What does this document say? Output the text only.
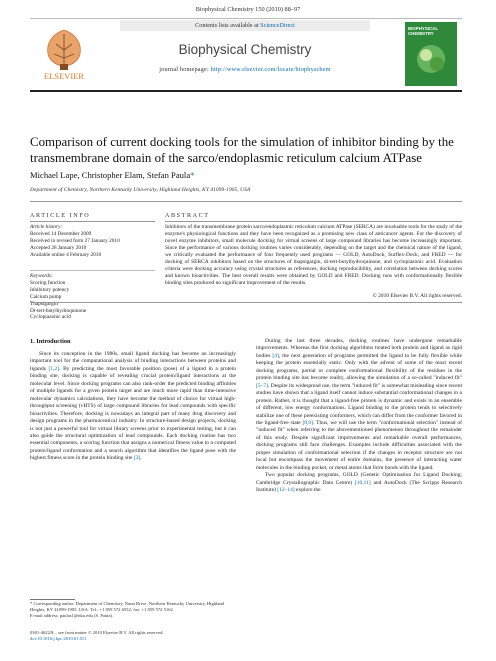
Biophysical Chemistry 150 (2010) 88–97
ELSEVIER
Contents lists available at ScienceDirect
Biophysical Chemistry
journal homepage: http://www.elsevier.com/locate/biophyschem
BIOPHYSICAL CHEMISTRY
Comparison of current docking tools for the simulation of inhibitor binding by the transmembrane domain of the sarco/endoplasmic reticulum calcium ATPase
Michael Lape, Christopher Elam, Stefan Paula*
Department of Chemistry, Northern Kentucky University, Highland Heights, KY 41099-1905, USA
ARTICLE INFO	ABSTRACT
Article history:
Received 14 December 2009
Received in revised form 27 January 2010
Accepted 28 January 2010
Available online 4 February 2010
Keywords:
Scoring function
Inhibitory potency
Calcium pump
Thapsigargin
Di-tert-butylhydroquinone
Cyclopiazonic acid
Inhibitors of the transmembrane protein sarco/endoplasmic reticulum calcium ATPase (SERCA) are invaluable tools for the study of the enzyme's physiological functions and they have been recognized as a promising new class of anticancer agents. For the discovery of novel enzyme inhibitors, small molecule docking for virtual screens of large compound libraries has become increasingly important. Since the performance of various docking routines varies considerably, depending on the target and the chemical nature of the ligand, we critically evaluated the performance of four frequently used programs — GOLD, AutoDock, Surflex-Dock, and FRED — for docking of SERCA inhibitors based on the structures of thapsigargin, di-tert-butylhydroquinone, and cyclopiazonic acid. Evaluation criteria were docking accuracy using crystal structures as references, docking reproducibility, and correlation between docking scores and known bioactivities. The best overall results were obtained by GOLD and FRED. Docking runs with conformationally flexible binding sites produced no significant improvement of the results.
© 2010 Elsevier B.V. All rights reserved.
1. Introduction

Since its conception in the 1980s, small ligand docking has become an increasingly important tool for the computational analysis of binding interactions between proteins and ligands [1,2]. By predicting the most favorable position (pose) of a ligand in a protein binding site, docking is capable of revealing crucial protein/ligand interactions at the molecular level. Since docking programs can also rank-order the predicted binding affinities of multiple ligands for a given protein target and are much more rapid than time-intensive molecular dynamics calculations, they have become the method of choice for virtual high-throughput screening (vHTS) of large compound libraries for lead compounds with specific bioactivities. Therefore, docking is nowadays an integral part of many drug discovery and design programs in the pharmaceutical industry. In structure-based design projects, docking is not just a powerful tool for virtual library screens prior to experimental testing, but it can also guide the structural optimization of lead compounds. Each docking routine has two essential components, a scoring function that assigns a numerical fitness value to a computed protein/ligand conformation and a search algorithm that identifies the ligand pose with the highest fitness score in the protein binding site [3].

During the last three decades, docking routines have undergone remarkable improvements. Whereas the first docking algorithms treated both protein and ligand as rigid bodies [4], the next generation of programs permitted the ligand to be fully flexible while keeping the protein essentially static. Only with the advent of some of the most recent docking programs, partial or complete conformational flexibility of the residues in the protein binding site has become reality, allowing the simulation of a so-called "induced fit" [5–7]. Despite its widespread use, the term "induced fit" is somewhat misleading since recent studies have shown that a ligand itself cannot induce substantial conformational changes in a protein. Rather, it is thought that a ligand-free protein is dynamic and exists in an ensemble of different, low energy conformations. Ligand binding to the protein tends to selectively stabilize one of these preexisting conformers, which can differ from the conformer favored in the ligand-free state [8,9]. Thus, we will use the term "conformational selection" instead of "induced fit" when referring to the abovementioned phenomenon throughout the remainder of this study. Despite significant improvements and remarkable overall performances, docking programs still face challenges. Examples include difficulties associated with the proper simulation of conformational selection if the changes in receptor structure are not local but encompass the movement of entire domains, the presence of interacting water molecules in the binding pocket, or metal atoms that form bonds with the ligand.

Two popular docking programs, GOLD (Genetic Optimisation for Ligand Docking; Cambridge Crystallographic Data Centre) [10,11] and AutoDock (The Scripps Research Institute) [12–14] explore the

* Corresponding author. Department of Chemistry, Nunn Drive, Northern Kentucky University, Highland Heights, KY 41099-1905, USA. Tel.: +1 859 572 6552; fax: +1 859 572 5162.
E-mail address: paulas1@nku.edu (S. Paula).
0301-4622/$ – see front matter © 2010 Elsevier B.V. All rights reserved.
doi:10.1016/j.bpc.2010.01.011
